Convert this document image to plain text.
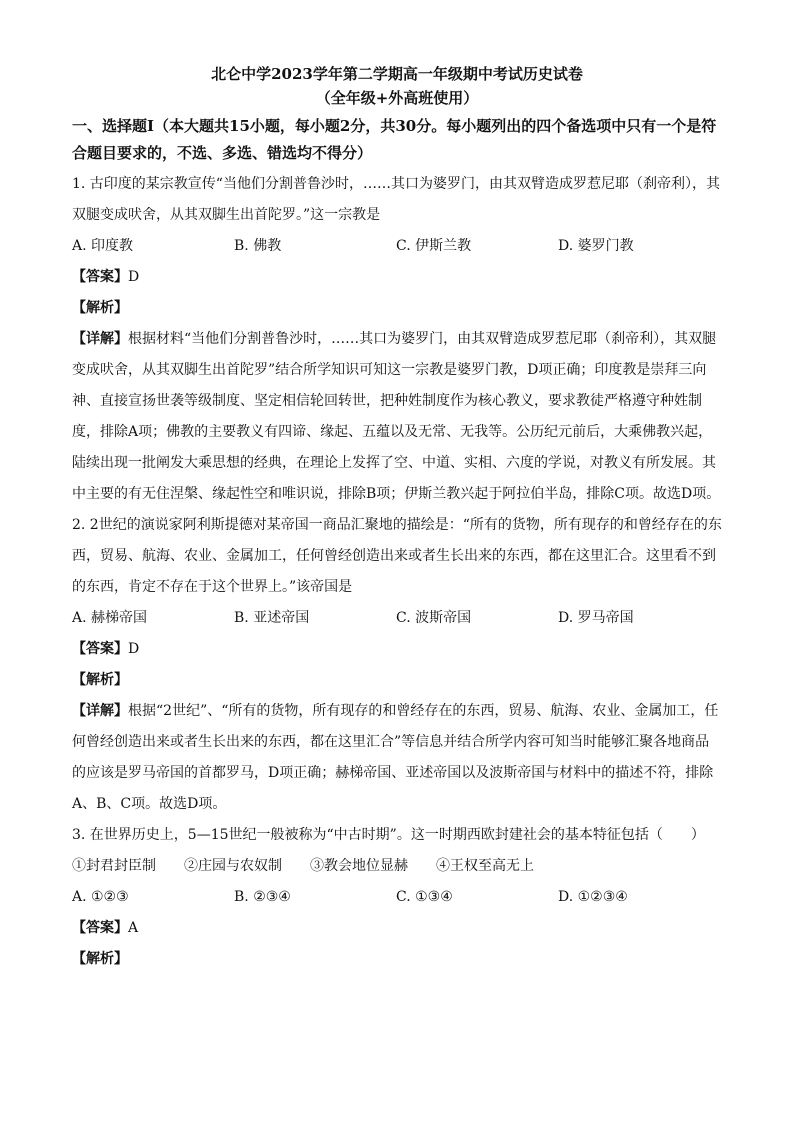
北仑中学2023学年第二学期高一年级期中考试历史试卷

（全年级+外高班使用）

一、选择题Ⅰ（本大题共15小题，每小题2分，共30分。每小题列出的四个备选项中只有一个是符合题目要求的，不选、多选、错选均不得分）

1. 古印度的某宗教宣传“当他们分割普鲁沙时，……其口为婆罗门，由其双臂造成罗惹尼耶（刹帝利），其双腿变成吠舍，从其双脚生出首陀罗。”这一宗教是

A. 印度教	B. 佛教	C. 伊斯兰教	D. 婆罗门教

【答案】D

【解析】

【详解】根据材料“当他们分割普鲁沙时，……其口为婆罗门，由其双臂造成罗惹尼耶（刹帝利），其双腿变成吠舍，从其双脚生出首陀罗”结合所学知识可知这一宗教是婆罗门教，D项正确；印度教是崇拜三向神、直接宣扬世袭等级制度、坚定相信轮回转世，把种姓制度作为核心教义，要求教徒严格遵守种姓制度，排除A项；佛教的主要教义有四谛、缘起、五蕴以及无常、无我等。公历纪元前后，大乘佛教兴起，陆续出现一批阐发大乘思想的经典，在理论上发挥了空、中道、实相、六度的学说，对教义有所发展。其中主要的有无住涅槃、缘起性空和唯识说，排除B项；伊斯兰教兴起于阿拉伯半岛，排除C项。故选D项。

2. 2世纪的演说家阿利斯提德对某帝国一商品汇聚地的描绘是：“所有的货物，所有现存的和曾经存在的东西，贸易、航海、农业、金属加工，任何曾经创造出来或者生长出来的东西，都在这里汇合。这里看不到的东西，肯定不存在于这个世界上。”该帝国是

A. 赫梯帝国	B. 亚述帝国	C. 波斯帝国	D. 罗马帝国

【答案】D

【解析】

【详解】根据“2世纪”、“所有的货物，所有现存的和曾经存在的东西，贸易、航海、农业、金属加工，任何曾经创造出来或者生长出来的东西，都在这里汇合”等信息并结合所学内容可知当时能够汇聚各地商品的应该是罗马帝国的首都罗马，D项正确；赫梯帝国、亚述帝国以及波斯帝国与材料中的描述不符，排除A、B、C项。故选D项。

3. 在世界历史上，5—15世纪一般被称为“中古时期”。这一时期西欧封建社会的基本特征包括（　　）

①封君封臣制 ②庄园与农奴制 ③教会地位显赫 ④王权至高无上
A. ①②③	B. ②③④	C. ①③④	D. ①②③④

【答案】A

【解析】
